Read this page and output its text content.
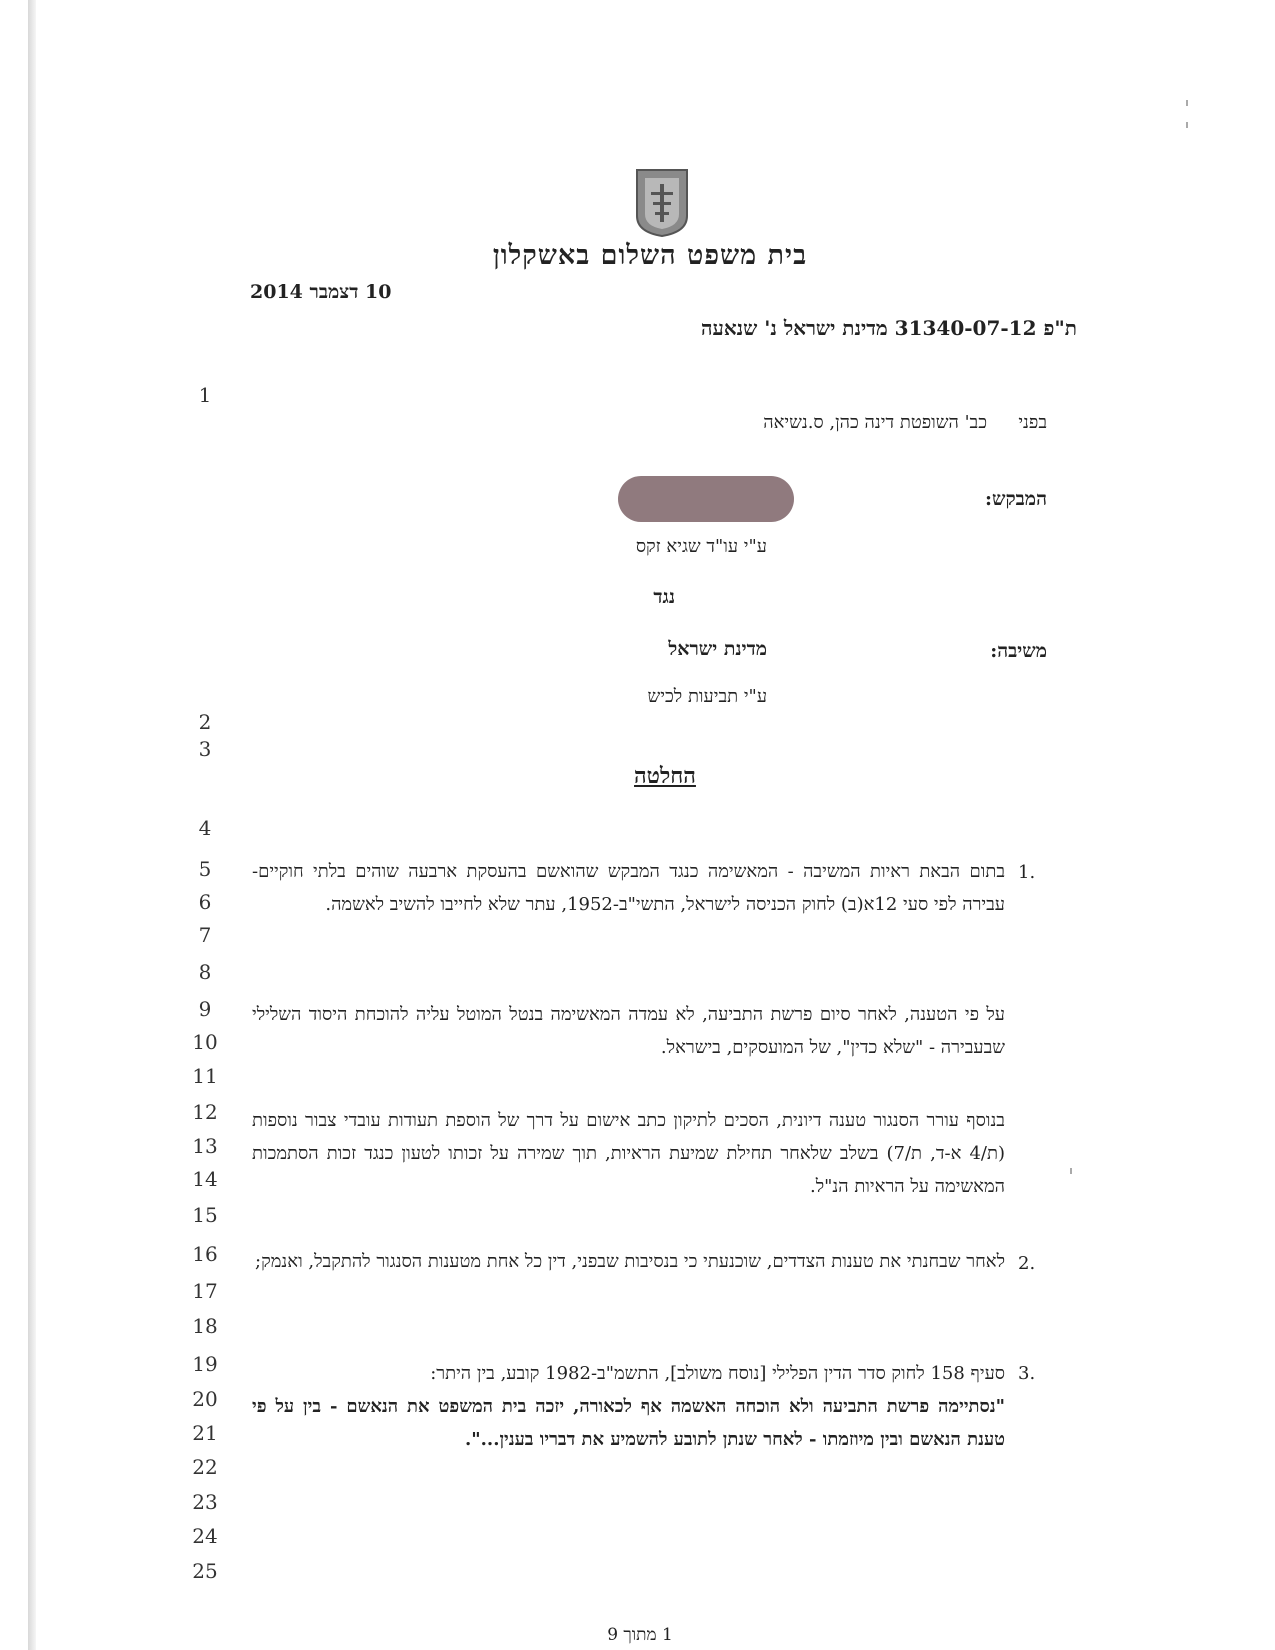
בית משפט השלום באשקלון
10 דצמבר 2014
ת"פ 31340-07-12 מדינת ישראל נ' שנאעה
בפני
כב' השופטת דינה כהן, ס.נשיאה
המבקש:
ע"י עו"ד שגיא זקס
נגד
משיבה:
מדינת ישראל
ע"י תביעות לכיש
החלטה
1
2
3
4
5
6
7
8
9
10
11
12
13
14
15
16
17
18
19
20
21
22
23
24
25
1.

בתום הבאת ראיות המשיבה - המאשימה כנגד המבקש שהואשם בהעסקת ארבעה שוהים בלתי חוקיים- עבירה לפי סעי 12א(ב) לחוק הכניסה לישראל, התשי"ב-1952, עתר שלא לחייבו להשיב לאשמה.

על פי הטענה, לאחר סיום פרשת התביעה, לא עמדה המאשימה בנטל המוטל עליה להוכחת היסוד השלילי שבעבירה - "שלא כדין", של המועסקים, בישראל.

בנוסף עורר הסנגור טענה דיונית, הסכים לתיקון כתב אישום על דרך של הוספת תעודות עובדי צבור נוספות (ת/4 א-ד, ת/7) בשלב שלאחר תחילת שמיעת הראיות, תוך שמירה על זכותו לטעון כנגד זכות הסתמכות המאשימה על הראיות הנ"ל.

2.

לאחר שבחנתי את טענות הצדדים, שוכנעתי כי בנסיבות שבפני, דין כל אחת מטענות הסנגור להתקבל, ואנמק;

3.

סעיף 158 לחוק סדר הדין הפלילי [נוסח משולב], התשמ"ב-1982 קובע, בין היתר:

"נסתיימה פרשת התביעה ולא הוכחה האשמה אף לכאורה, יזכה בית המשפט את הנאשם - בין על פי טענת הנאשם ובין מיוזמתו - לאחר שנתן לתובע להשמיע את דבריו בענין...".

1 מתוך 9
